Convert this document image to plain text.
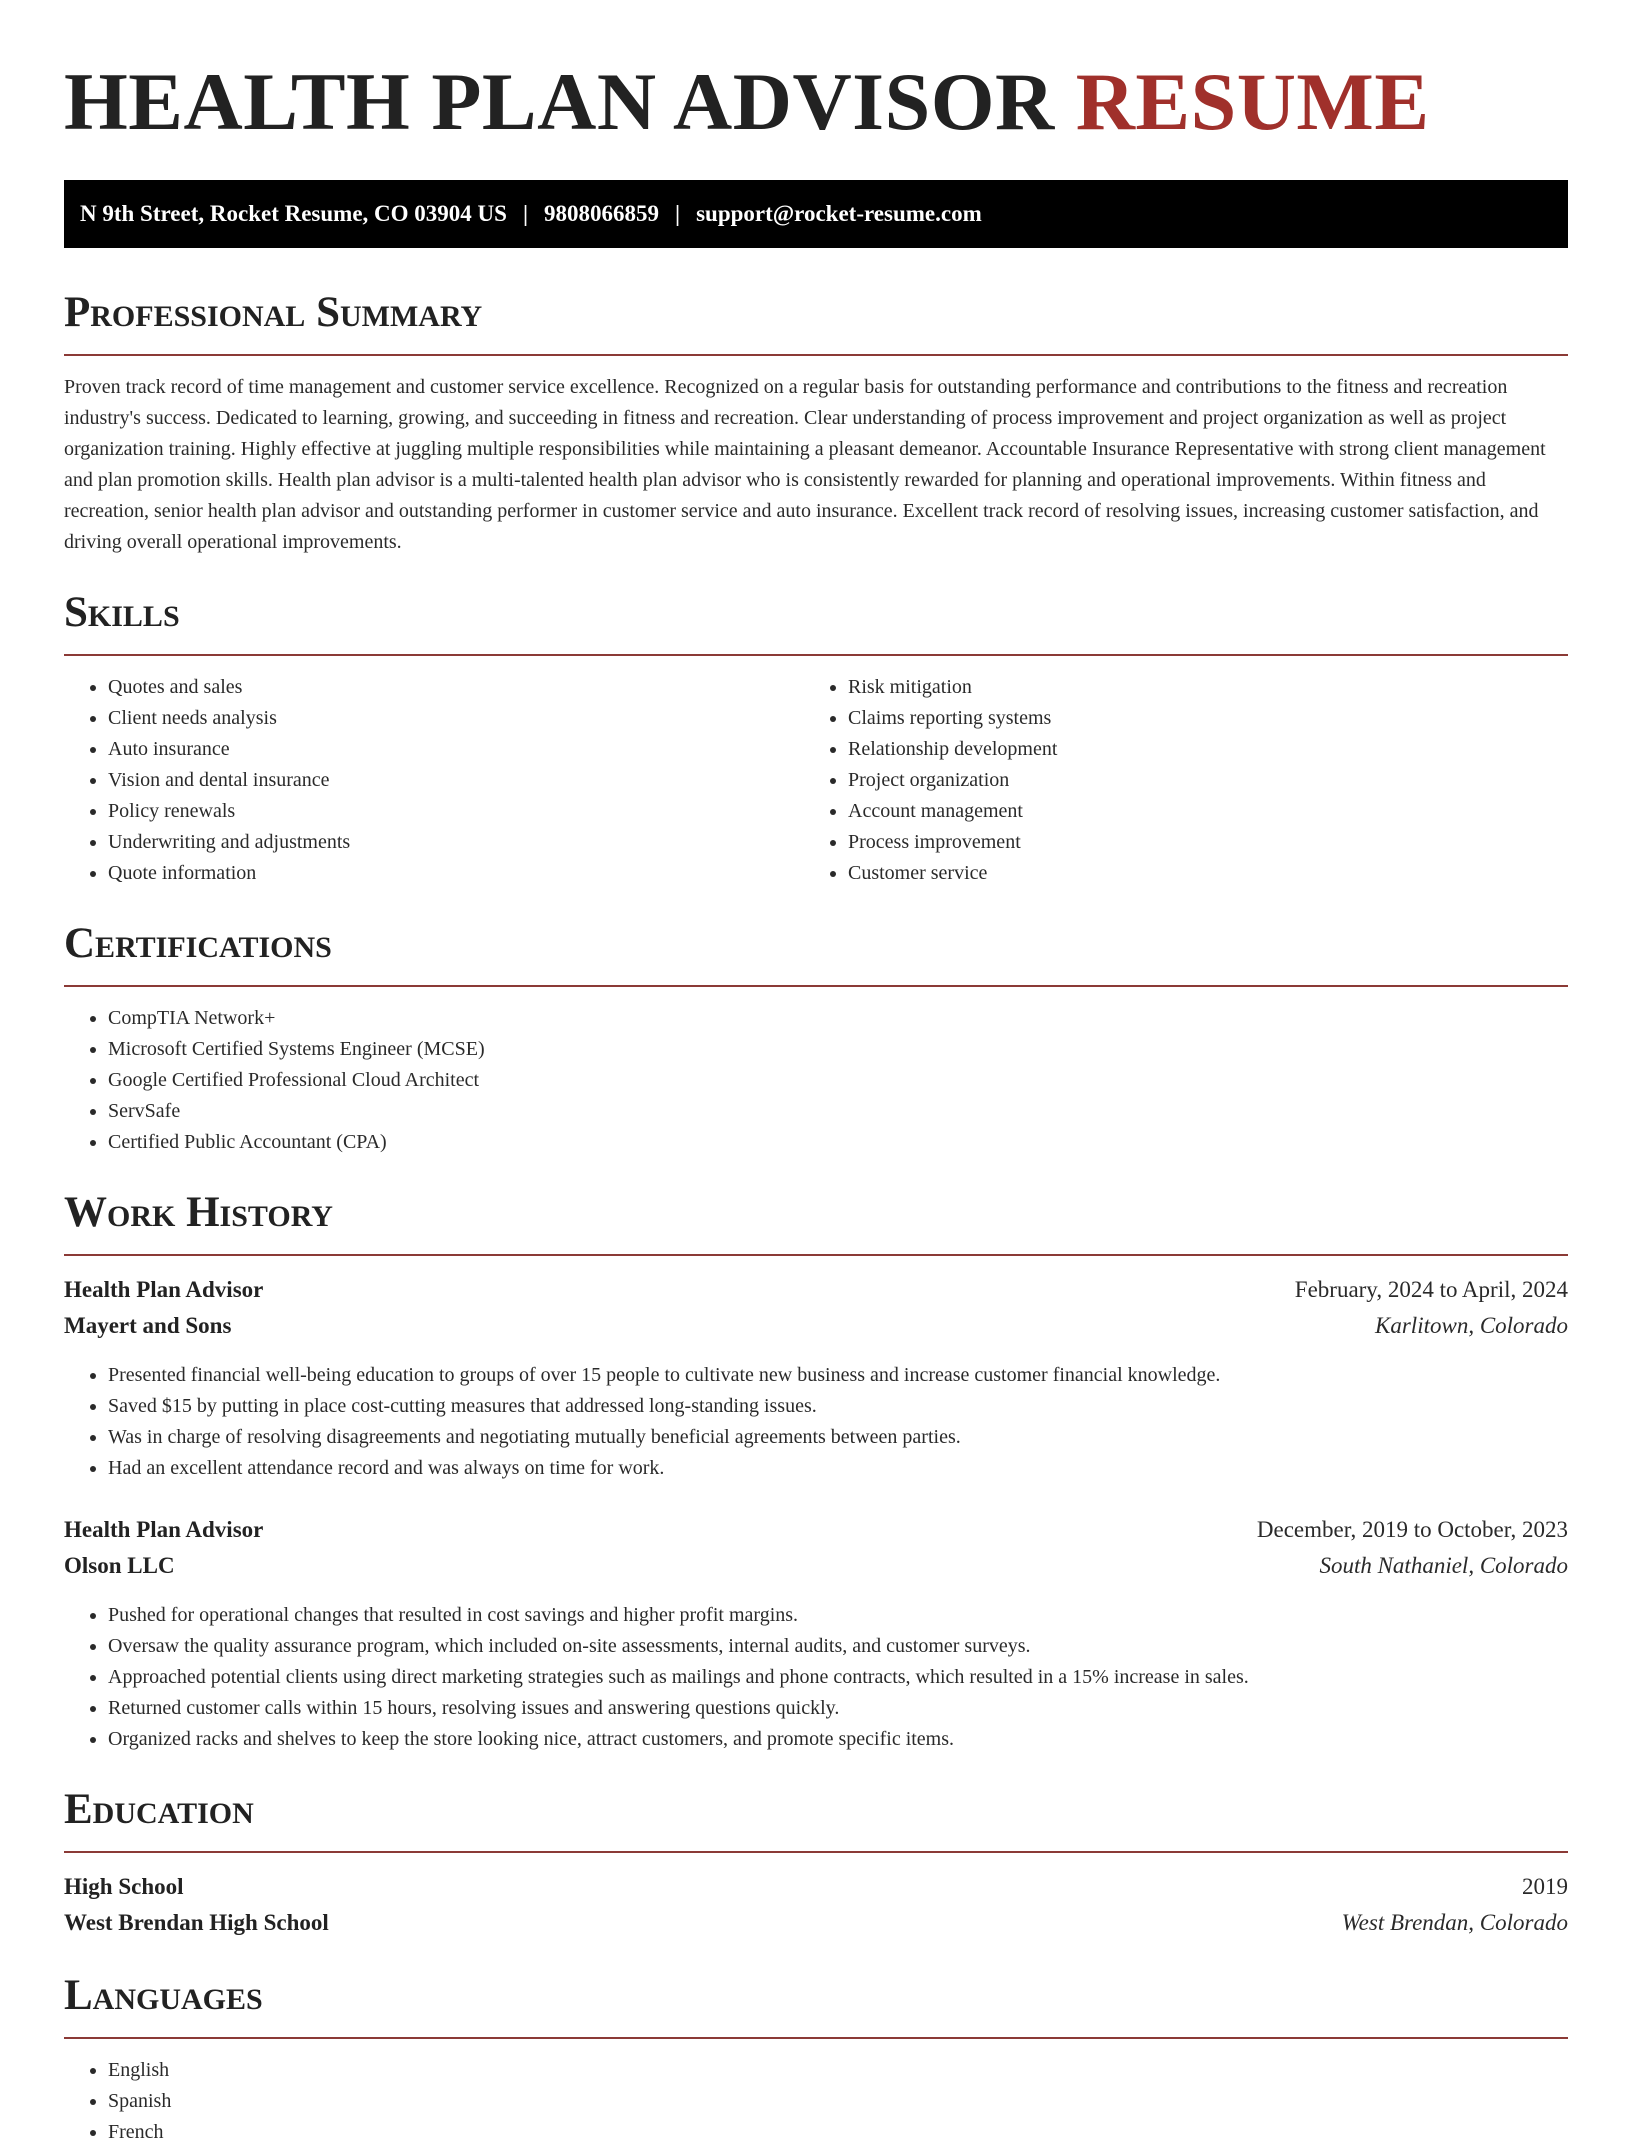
HEALTH PLAN ADVISOR RESUME
N 9th Street, Rocket Resume, CO 03904 US | 9808066859 | support@rocket-resume.com
Professional Summary

Proven track record of time management and customer service excellence. Recognized on a regular basis for outstanding performance and contributions to the fitness and recreation industry's success. Dedicated to learning, growing, and succeeding in fitness and recreation. Clear understanding of process improvement and project organization as well as project organization training. Highly effective at juggling multiple responsibilities while maintaining a pleasant demeanor. Accountable Insurance Representative with strong client management and plan promotion skills. Health plan advisor is a multi-talented health plan advisor who is consistently rewarded for planning and operational improvements. Within fitness and recreation, senior health plan advisor and outstanding performer in customer service and auto insurance. Excellent track record of resolving issues, increasing customer satisfaction, and driving overall operational improvements.

Skills
• Quotes and sales
• Client needs analysis
• Auto insurance
• Vision and dental insurance
• Policy renewals
• Underwriting and adjustments
• Quote information
• Risk mitigation
• Claims reporting systems
• Relationship development
• Project organization
• Account management
• Process improvement
• Customer service
Certifications
• CompTIA Network+
• Microsoft Certified Systems Engineer (MCSE)
• Google Certified Professional Cloud Architect
• ServSafe
• Certified Public Accountant (CPA)
Work History
Health Plan Advisor	February, 2024 to April, 2024
Mayert and Sons	Karlitown, Colorado
• Presented financial well-being education to groups of over 15 people to cultivate new business and increase customer financial knowledge.
• Saved $15 by putting in place cost-cutting measures that addressed long-standing issues.
• Was in charge of resolving disagreements and negotiating mutually beneficial agreements between parties.
• Had an excellent attendance record and was always on time for work.
Health Plan Advisor	December, 2019 to October, 2023
Olson LLC	South Nathaniel, Colorado
• Pushed for operational changes that resulted in cost savings and higher profit margins.
• Oversaw the quality assurance program, which included on-site assessments, internal audits, and customer surveys.
• Approached potential clients using direct marketing strategies such as mailings and phone contracts, which resulted in a 15% increase in sales.
• Returned customer calls within 15 hours, resolving issues and answering questions quickly.
• Organized racks and shelves to keep the store looking nice, attract customers, and promote specific items.
Education
High School	2019
West Brendan High School	West Brendan, Colorado
Languages
• English
• Spanish
• French
